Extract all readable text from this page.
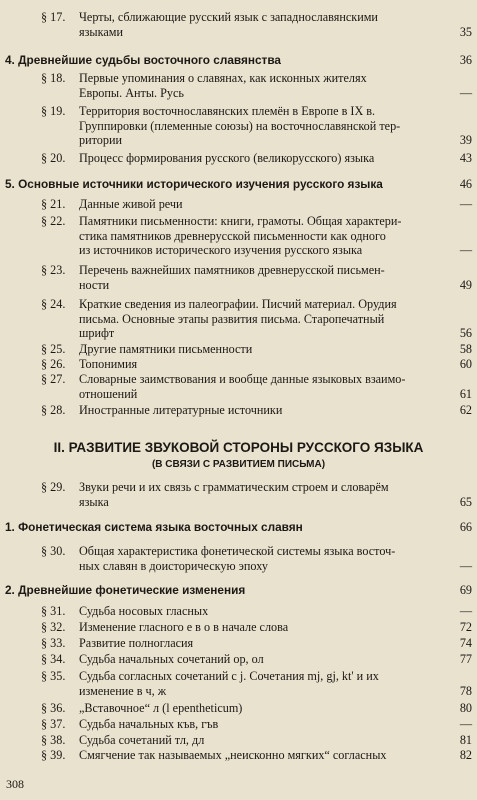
§ 17. Черты, сближающие русский язык с западнославянскими
языками	35
4. Древнейшие судьбы восточного славянства	36
§ 18. Первые упоминания о славянах, как исконных жителях
Европы. Анты. Русь	—
§ 19. Территория восточнославянских племён в Европе в IX в.
Группировки (племенные союзы) на восточнославянской тер-
ритории	39
§ 20. Процесс формирования русского (великорусского) языка	43
5. Основные источники исторического изучения русского языка	46
§ 21. Данные живой речи	—
§ 22. Памятники письменности: книги, грамоты. Общая характери-
стика памятников древнерусской письменности как одного
из источников исторического изучения русского языка	—
§ 23. Перечень важнейших памятников древнерусской письмен-
ности	49
§ 24. Краткие сведения из палеографии. Писчий материал. Орудия
письма. Основные этапы развития письма. Старопечатный
шрифт	56
§ 25. Другие памятники письменности	58
§ 26. Топонимия	60
§ 27. Словарные заимствования и вообще данные языковых взаимо-
отношений	61
§ 28. Иностранные литературные источники	62
II. РАЗВИТИЕ ЗВУКОВОЙ СТОРОНЫ РУССКОГО ЯЗЫКА
(В СВЯЗИ С РАЗВИТИЕМ ПИСЬМА)
§ 29. Звуки речи и их связь с грамматическим строем и словарём
языка	65
1. Фонетическая система языка восточных славян	66
§ 30. Общая характеристика фонетической системы языка восточ-
ных славян в доисторическую эпоху	—
2. Древнейшие фонетические изменения	69
§ 31. Судьба носовых гласных	—
§ 32. Изменение гласного е в о в начале слова	72
§ 33. Развитие полногласия	74
§ 34. Судьба начальных сочетаний ор, ол	77
§ 35. Судьба согласных сочетаний с j. Сочетания mj, gj, kt' и их
изменение в ч, ж	78
§ 36. „Вставочное“ л (l epentheticum)	80
§ 37. Судьба начальных къв, гъв	—
§ 38. Судьба сочетаний тл, дл	81
§ 39. Смягчение так называемых „неисконно мягких“ согласных	82
308
